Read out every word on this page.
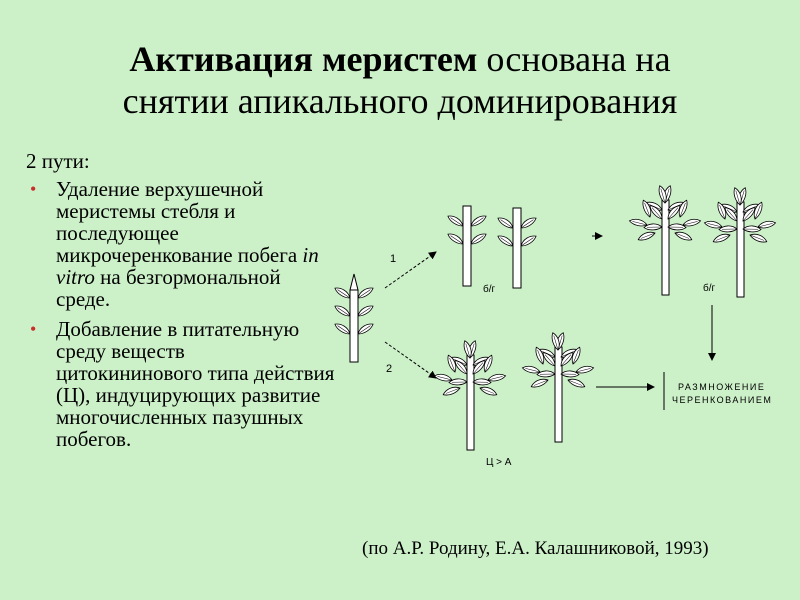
Активация меристем основана на
снятии апикального доминирования
2 пути:
• Удаление верхушечной меристемы стебля и последующее микрочеренкование побега in vitro на безгормональной среде.
• Добавление в питательную среду веществ цитокининового типа действия (Ц), индуцирующих развитие многочисленных пазушных побегов.
1
б/г	б/г
2
Ц > А
РАЗМНОЖЕНИЕ
ЧЕРЕНКОВАНИЕМ
(по А.Р. Родину, Е.А. Калашниковой, 1993)
